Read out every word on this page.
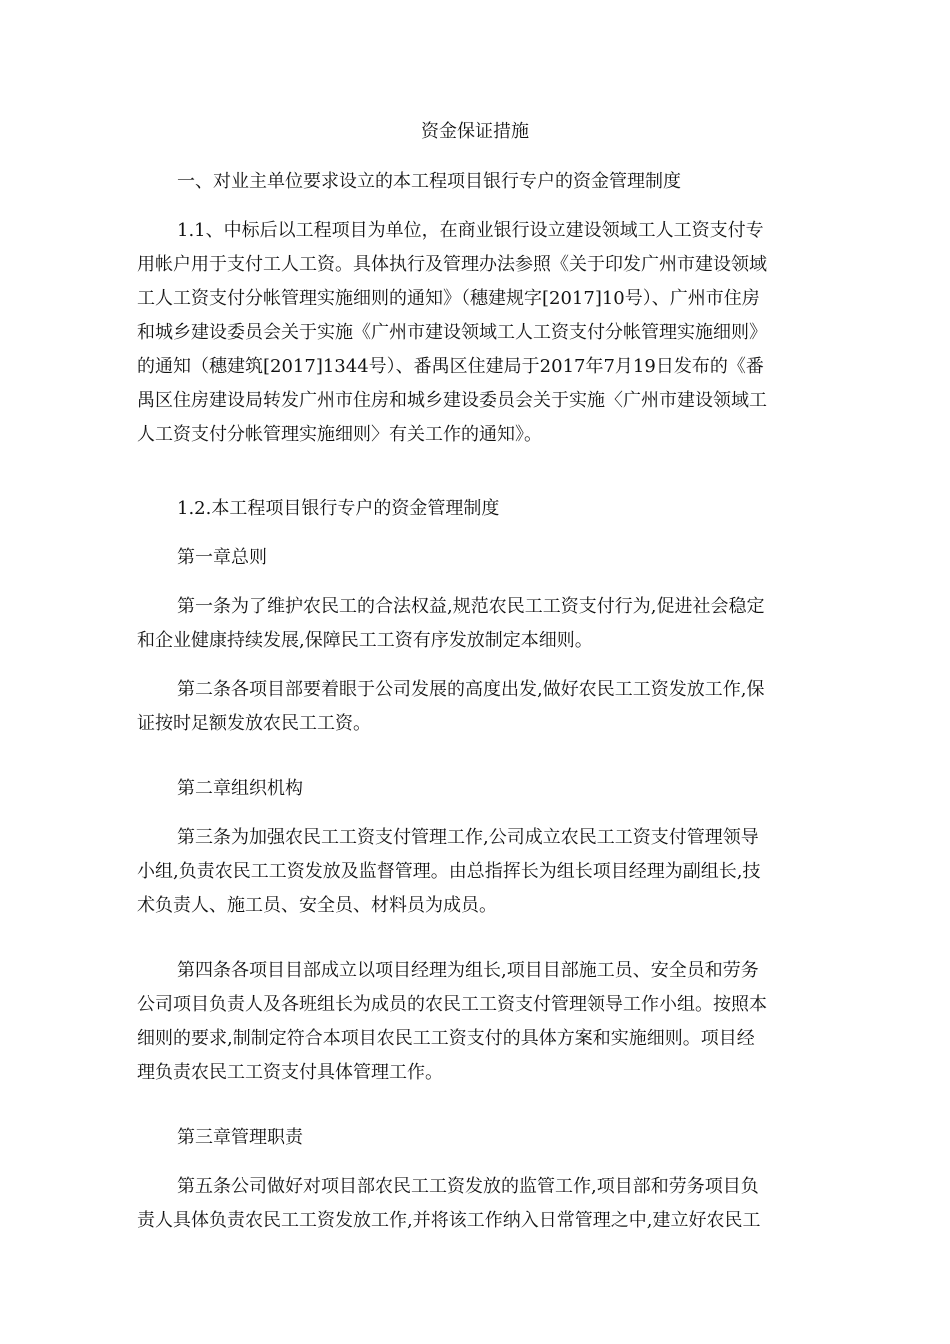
资金保证措施
一、对业主单位要求设立的本工程项目银行专户的资金管理制度
1.1、中标后以工程项目为单位，在商业银行设立建设领域工人工资支付专
用帐户用于支付工人工资。具体执行及管理办法参照《关于印发广州市建设领域
工人工资支付分帐管理实施细则的通知》（穗建规字[2017]10号）、广州市住房
和城乡建设委员会关于实施《广州市建设领域工人工资支付分帐管理实施细则》
的通知（穗建筑[2017]1344号）、番禺区住建局于2017年7月19日发布的《番
禺区住房建设局转发广州市住房和城乡建设委员会关于实施〈广州市建设领域工
人工资支付分帐管理实施细则〉有关工作的通知》。
1.2.本工程项目银行专户的资金管理制度
第一章总则
第一条为了维护农民工的合法权益,规范农民工工资支付行为,促进社会稳定
和企业健康持续发展,保障民工工资有序发放制定本细则。
第二条各项目部要着眼于公司发展的高度出发,做好农民工工资发放工作,保
证按时足额发放农民工工资。
第二章组织机构
第三条为加强农民工工资支付管理工作,公司成立农民工工资支付管理领导
小组,负责农民工工资发放及监督管理。由总指挥长为组长项目经理为副组长,技
术负责人、施工员、安全员、材料员为成员。
第四条各项目目部成立以项目经理为组长,项目目部施工员、安全员和劳务
公司项目负责人及各班组长为成员的农民工工资支付管理领导工作小组。按照本
细则的要求,制制定符合本项目农民工工资支付的具体方案和实施细则。项目经
理负责农民工工资支付具体管理工作。
第三章管理职责
第五条公司做好对项目部农民工工资发放的监管工作,项目部和劳务项目负
责人具体负责农民工工资发放工作,并将该工作纳入日常管理之中,建立好农民工
